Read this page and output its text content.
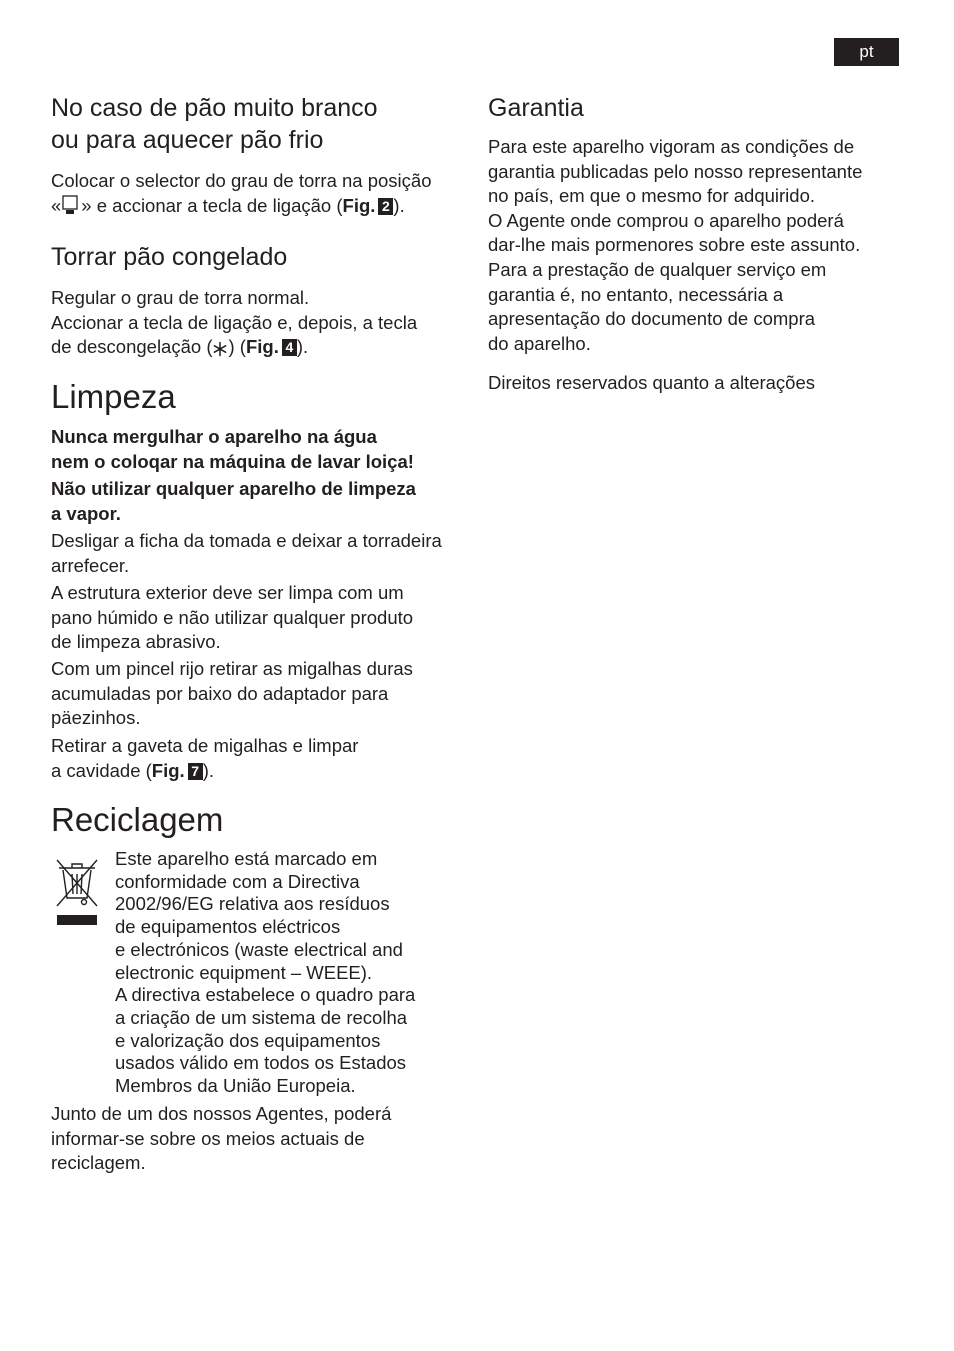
pt
No caso de pão muito branco
ou para aquecer pão frio
Colocar o selector do grau de torra na posição
« » e accionar a tecla de ligação (Fig. 2 ).
Torrar pão congelado
Regular o grau de torra normal.
Accionar a tecla de ligação e, depois, a tecla
de descongelação ( ) (Fig. 4 ).
Limpeza
Nunca mergulhar o aparelho na água
nem o coloqar na máquina de lavar loiça!
Não utilizar qualquer aparelho de limpeza
a vapor.
Desligar a ficha da tomada e deixar a torradeira
arrefecer.
A estrutura exterior deve ser limpa com um
pano húmido e não utilizar qualquer produto
de limpeza abrasivo.
Com um pincel rijo retirar as migalhas duras
acumuladas por baixo do adaptador para
päezinhos.
Retirar a gaveta de migalhas e limpar
a cavidade (Fig. 7 ).
Reciclagem
Junto de um dos nossos Agentes, poderá
informar-se sobre os meios actuais de
reciclagem.
Este aparelho está marcado em
conformidade com a Directiva
2002/96/EG relativa aos resíduos
de equipamentos eléctricos
e electrónicos (waste electrical and
electronic equipment – WEEE).
A directiva estabelece o quadro para
a criação de um sistema de recolha
e valorização dos equipamentos
usados válido em todos os Estados
Membros da União Europeia.
Garantia
Para este aparelho vigoram as condições de
garantia publicadas pelo nosso representante
no país, em que o mesmo for adquirido.
O Agente onde comprou o aparelho poderá
dar-lhe mais pormenores sobre este assunto.
Para a prestação de qualquer serviço em
garantia é, no entanto, necessária a
apresentação do documento de compra
do aparelho.
Direitos reservados quanto a alterações
